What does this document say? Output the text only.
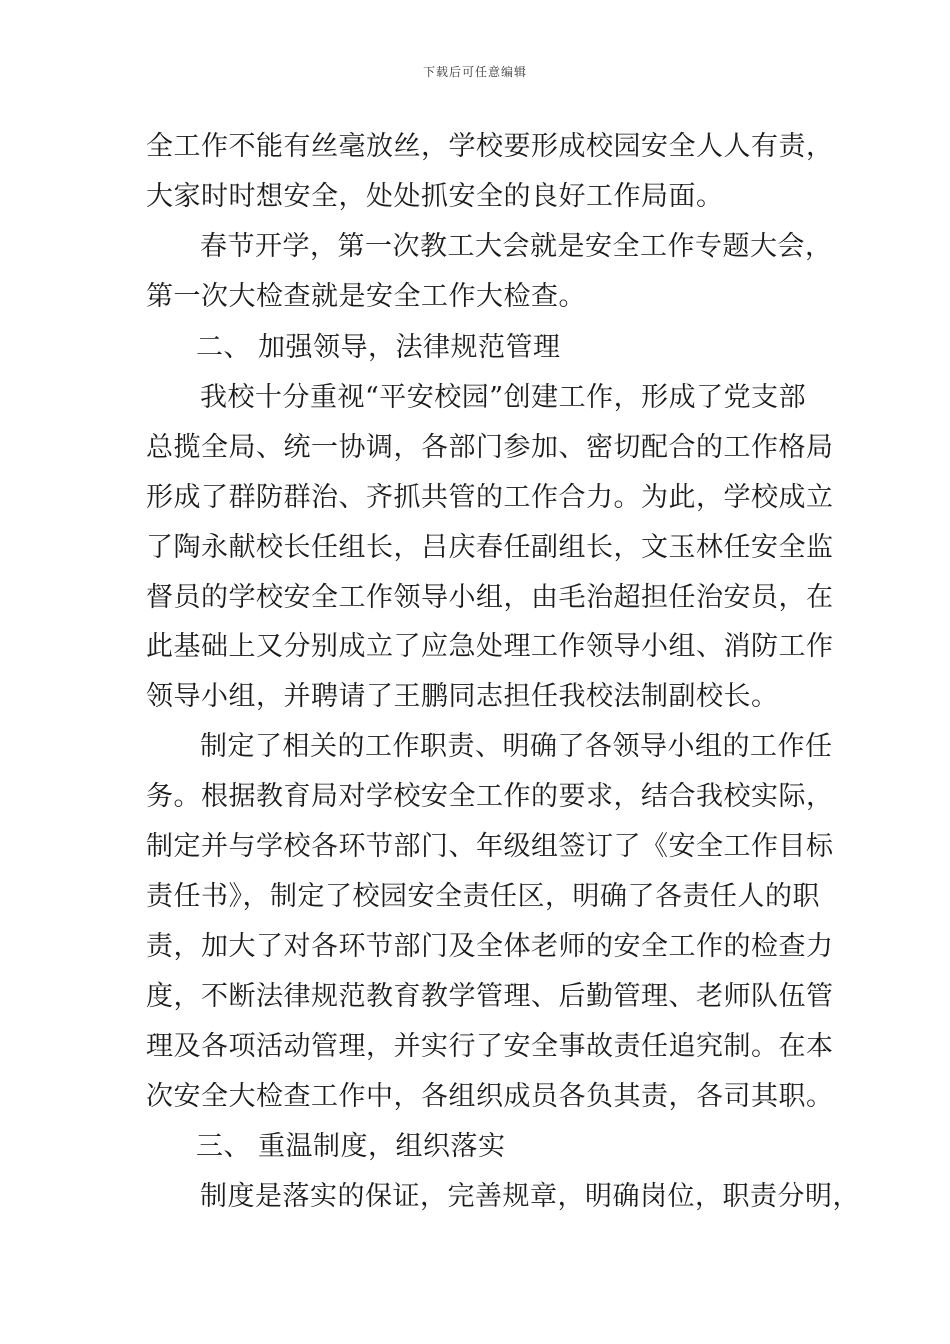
下载后可任意编辑
全工作不能有丝毫放丝，学校要形成校园安全人人有责，
大家时时想安全，处处抓安全的良好工作局面。
春节开学，第一次教工大会就是安全工作专题大会，
第一次大检查就是安全工作大检查。
二、 加强领导，法律规范管理
我校十分重视“平安校园”创建工作，形成了党支部
总揽全局、统一协调，各部门参加、密切配合的工作格局
形成了群防群治、齐抓共管的工作合力。为此，学校成立
了陶永献校长任组长，吕庆春任副组长，文玉林任安全监
督员的学校安全工作领导小组，由毛治超担任治安员，在
此基础上又分别成立了应急处理工作领导小组、消防工作
领导小组，并聘请了王鹏同志担任我校法制副校长。
制定了相关的工作职责、明确了各领导小组的工作任
务。根据教育局对学校安全工作的要求，结合我校实际，
制定并与学校各环节部门、年级组签订了《安全工作目标
责任书》，制定了校园安全责任区，明确了各责任人的职
责，加大了对各环节部门及全体老师的安全工作的检查力
度，不断法律规范教育教学管理、后勤管理、老师队伍管
理及各项活动管理，并实行了安全事故责任追究制。在本
次安全大检查工作中，各组织成员各负其责，各司其职。
三、 重温制度，组织落实
制度是落实的保证，完善规章，明确岗位，职责分明，
